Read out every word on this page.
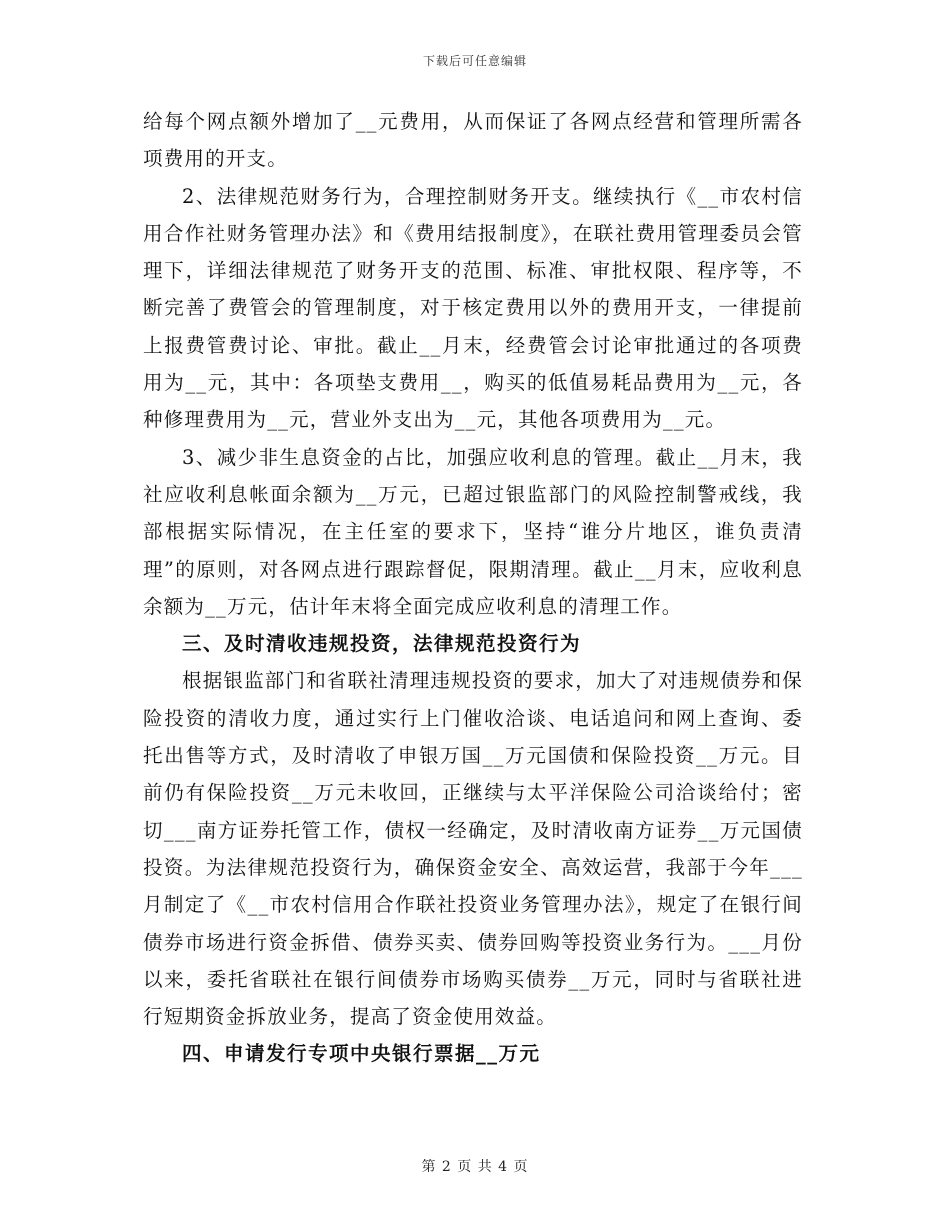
下载后可任意编辑

给每个网点额外增加了__元费用，从而保证了各网点经营和管理所需各项费用的开支。

2、法律规范财务行为，合理控制财务开支。继续执行《__市农村信用合作社财务管理办法》和《费用结报制度》，在联社费用管理委员会管理下，详细法律规范了财务开支的范围、标准、审批权限、程序等，不断完善了费管会的管理制度，对于核定费用以外的费用开支，一律提前上报费管费讨论、审批。截止__月末，经费管会讨论审批通过的各项费用为__元，其中：各项垫支费用__，购买的低值易耗品费用为__元，各种修理费用为__元，营业外支出为__元，其他各项费用为__元。

3、减少非生息资金的占比，加强应收利息的管理。截止__月末，我社应收利息帐面余额为__万元，已超过银监部门的风险控制警戒线，我部根据实际情况，在主任室的要求下，坚持“谁分片地区，谁负责清理”的原则，对各网点进行跟踪督促，限期清理。截止__月末，应收利息余额为__万元，估计年末将全面完成应收利息的清理工作。

三、及时清收违规投资，法律规范投资行为

根据银监部门和省联社清理违规投资的要求，加大了对违规债券和保险投资的清收力度，通过实行上门催收洽谈、电话追问和网上查询、委托出售等方式，及时清收了申银万国__万元国债和保险投资__万元。目前仍有保险投资__万元未收回，正继续与太平洋保险公司洽谈给付；密切___南方证券托管工作，债权一经确定，及时清收南方证券__万元国债投资。为法律规范投资行为，确保资金安全、高效运营，我部于今年___月制定了《__市农村信用合作联社投资业务管理办法》，规定了在银行间债券市场进行资金拆借、债券买卖、债券回购等投资业务行为。___月份以来，委托省联社在银行间债券市场购买债券__万元，同时与省联社进行短期资金拆放业务，提高了资金使用效益。

四、申请发行专项中央银行票据__万元

第 2 页 共 4 页
